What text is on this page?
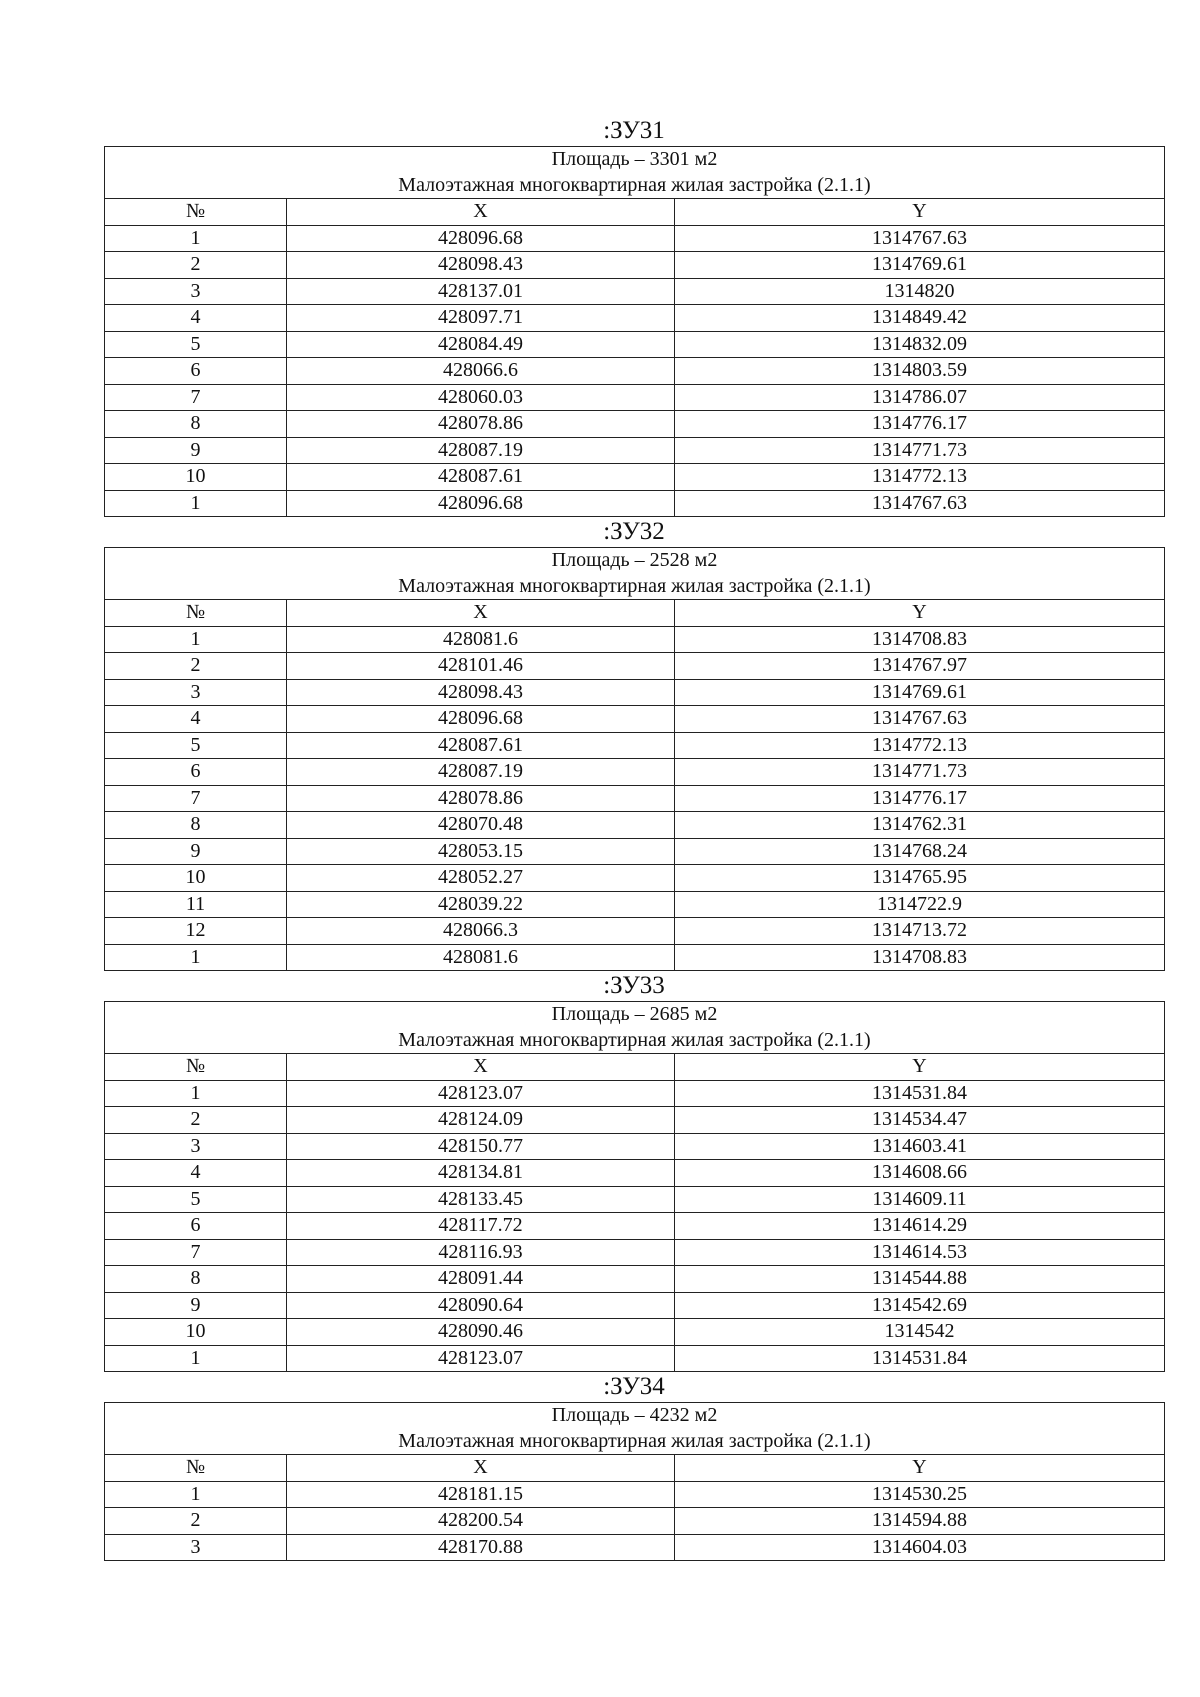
:ЗУ31
Площадь – 3301 м2
Малоэтажная многоквартирная жилая застройка (2.1.1)		

№	X	Y
1	428096.68	1314767.63
2	428098.43	1314769.61
3	428137.01	1314820
4	428097.71	1314849.42
5	428084.49	1314832.09
6	428066.6	1314803.59
7	428060.03	1314786.07
8	428078.86	1314776.17
9	428087.19	1314771.73
10	428087.61	1314772.13
1	428096.68	1314767.63
:ЗУ32
Площадь – 2528 м2
Малоэтажная многоквартирная жилая застройка (2.1.1)		

№	X	Y
1	428081.6	1314708.83
2	428101.46	1314767.97
3	428098.43	1314769.61
4	428096.68	1314767.63
5	428087.61	1314772.13
6	428087.19	1314771.73
7	428078.86	1314776.17
8	428070.48	1314762.31
9	428053.15	1314768.24
10	428052.27	1314765.95
11	428039.22	1314722.9
12	428066.3	1314713.72
1	428081.6	1314708.83
:ЗУ33
Площадь – 2685 м2
Малоэтажная многоквартирная жилая застройка (2.1.1)		

№	X	Y
1	428123.07	1314531.84
2	428124.09	1314534.47
3	428150.77	1314603.41
4	428134.81	1314608.66
5	428133.45	1314609.11
6	428117.72	1314614.29
7	428116.93	1314614.53
8	428091.44	1314544.88
9	428090.64	1314542.69
10	428090.46	1314542
1	428123.07	1314531.84
:ЗУ34
Площадь – 4232 м2
Малоэтажная многоквартирная жилая застройка (2.1.1)		

№	X	Y
1	428181.15	1314530.25
2	428200.54	1314594.88
3	428170.88	1314604.03
